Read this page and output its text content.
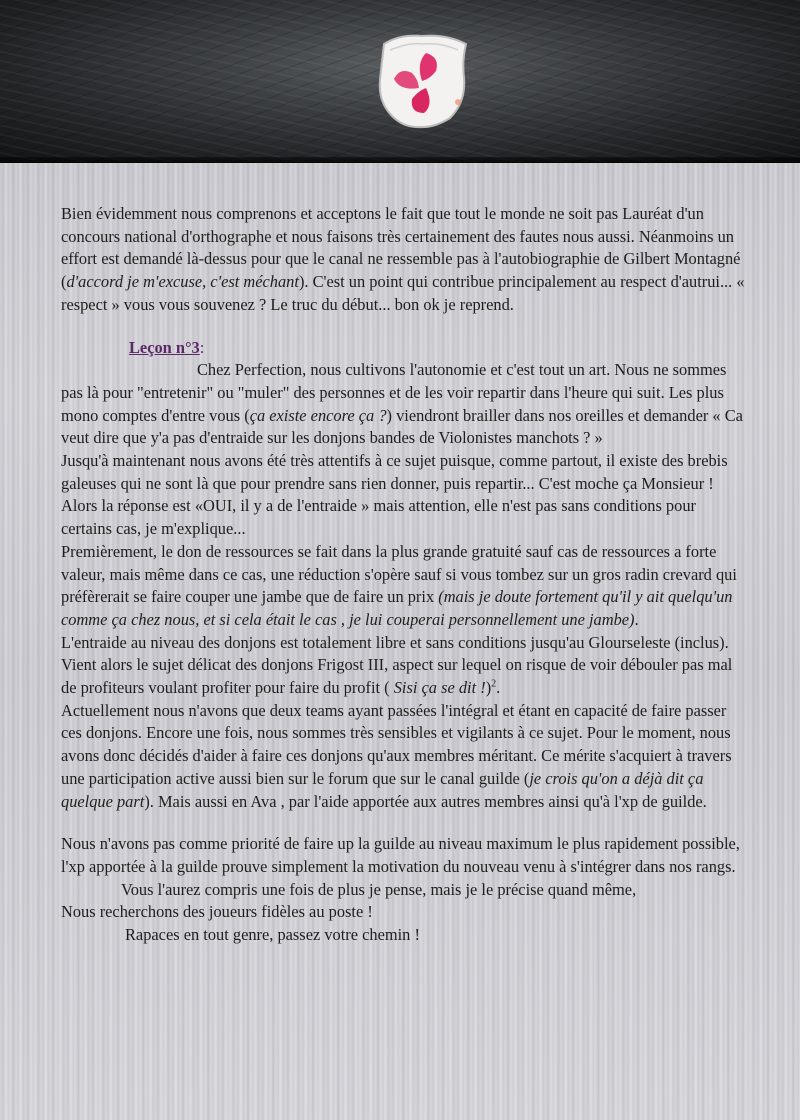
Bien évidemment nous comprenons et acceptons le fait que tout le monde ne soit pas Lauréat d'un concours national d'orthographe et nous faisons très certainement des fautes nous aussi. Néanmoins un effort est demandé là-dessus pour que le canal ne ressemble pas à l'autobiographie de Gilbert Montagné (d'accord je m'excuse, c'est méchant). C'est un point qui contribue principalement au respect d'autrui... « respect » vous vous souvenez ? Le truc du début... bon ok je reprend.

Leçon n°3:

Chez Perfection, nous cultivons l'autonomie et c'est tout un art. Nous ne sommes pas là pour "entretenir" ou "muler" des personnes et de les voir repartir dans l'heure qui suit. Les plus mono comptes d'entre vous (ça existe encore ça ?) viendront brailler dans nos oreilles et demander « Ca veut dire que y'a pas d'entraide sur les donjons bandes de Violonistes manchots ? »

Jusqu'à maintenant nous avons été très attentifs à ce sujet puisque, comme partout, il existe des brebis galeuses qui ne sont là que pour prendre sans rien donner, puis repartir... C'est moche ça Monsieur !

Alors la réponse est «OUI, il y a de l'entraide » mais attention, elle n'est pas sans conditions pour certains cas, je m'explique...

Premièrement, le don de ressources se fait dans la plus grande gratuité sauf cas de ressources a forte valeur, mais même dans ce cas, une réduction s'opère sauf si vous tombez sur un gros radin crevard qui préfèrerait se faire couper une jambe que de faire un prix (mais je doute fortement qu'il y ait quelqu'un comme ça chez nous, et si cela était le cas , je lui couperai personnellement une jambe).

L'entraide au niveau des donjons est totalement libre et sans conditions jusqu'au Glourseleste (inclus).

Vient alors le sujet délicat des donjons Frigost III, aspect sur lequel on risque de voir débouler pas mal de profiteurs voulant profiter pour faire du profit ( Sisi ça se dit !)$^2$.

Actuellement nous n'avons que deux teams ayant passées l'intégral et étant en capacité de faire passer ces donjons. Encore une fois, nous sommes très sensibles et vigilants à ce sujet. Pour le moment, nous avons donc décidés d'aider à faire ces donjons qu'aux membres méritant. Ce mérite s'acquiert à travers une participation active aussi bien sur le forum que sur le canal guilde (je crois qu'on a déjà dit ça quelque part). Mais aussi en Ava , par l'aide apportée aux autres membres ainsi qu'à l'xp de guilde.

Nous n'avons pas comme priorité de faire up la guilde au niveau maximum le plus rapidement possible, l'xp apportée à la guilde prouve simplement la motivation du nouveau venu à s'intégrer dans nos rangs.

Vous l'aurez compris une fois de plus je pense, mais je le précise quand même,

Nous recherchons des joueurs fidèles au poste !

Rapaces en tout genre, passez votre chemin !
